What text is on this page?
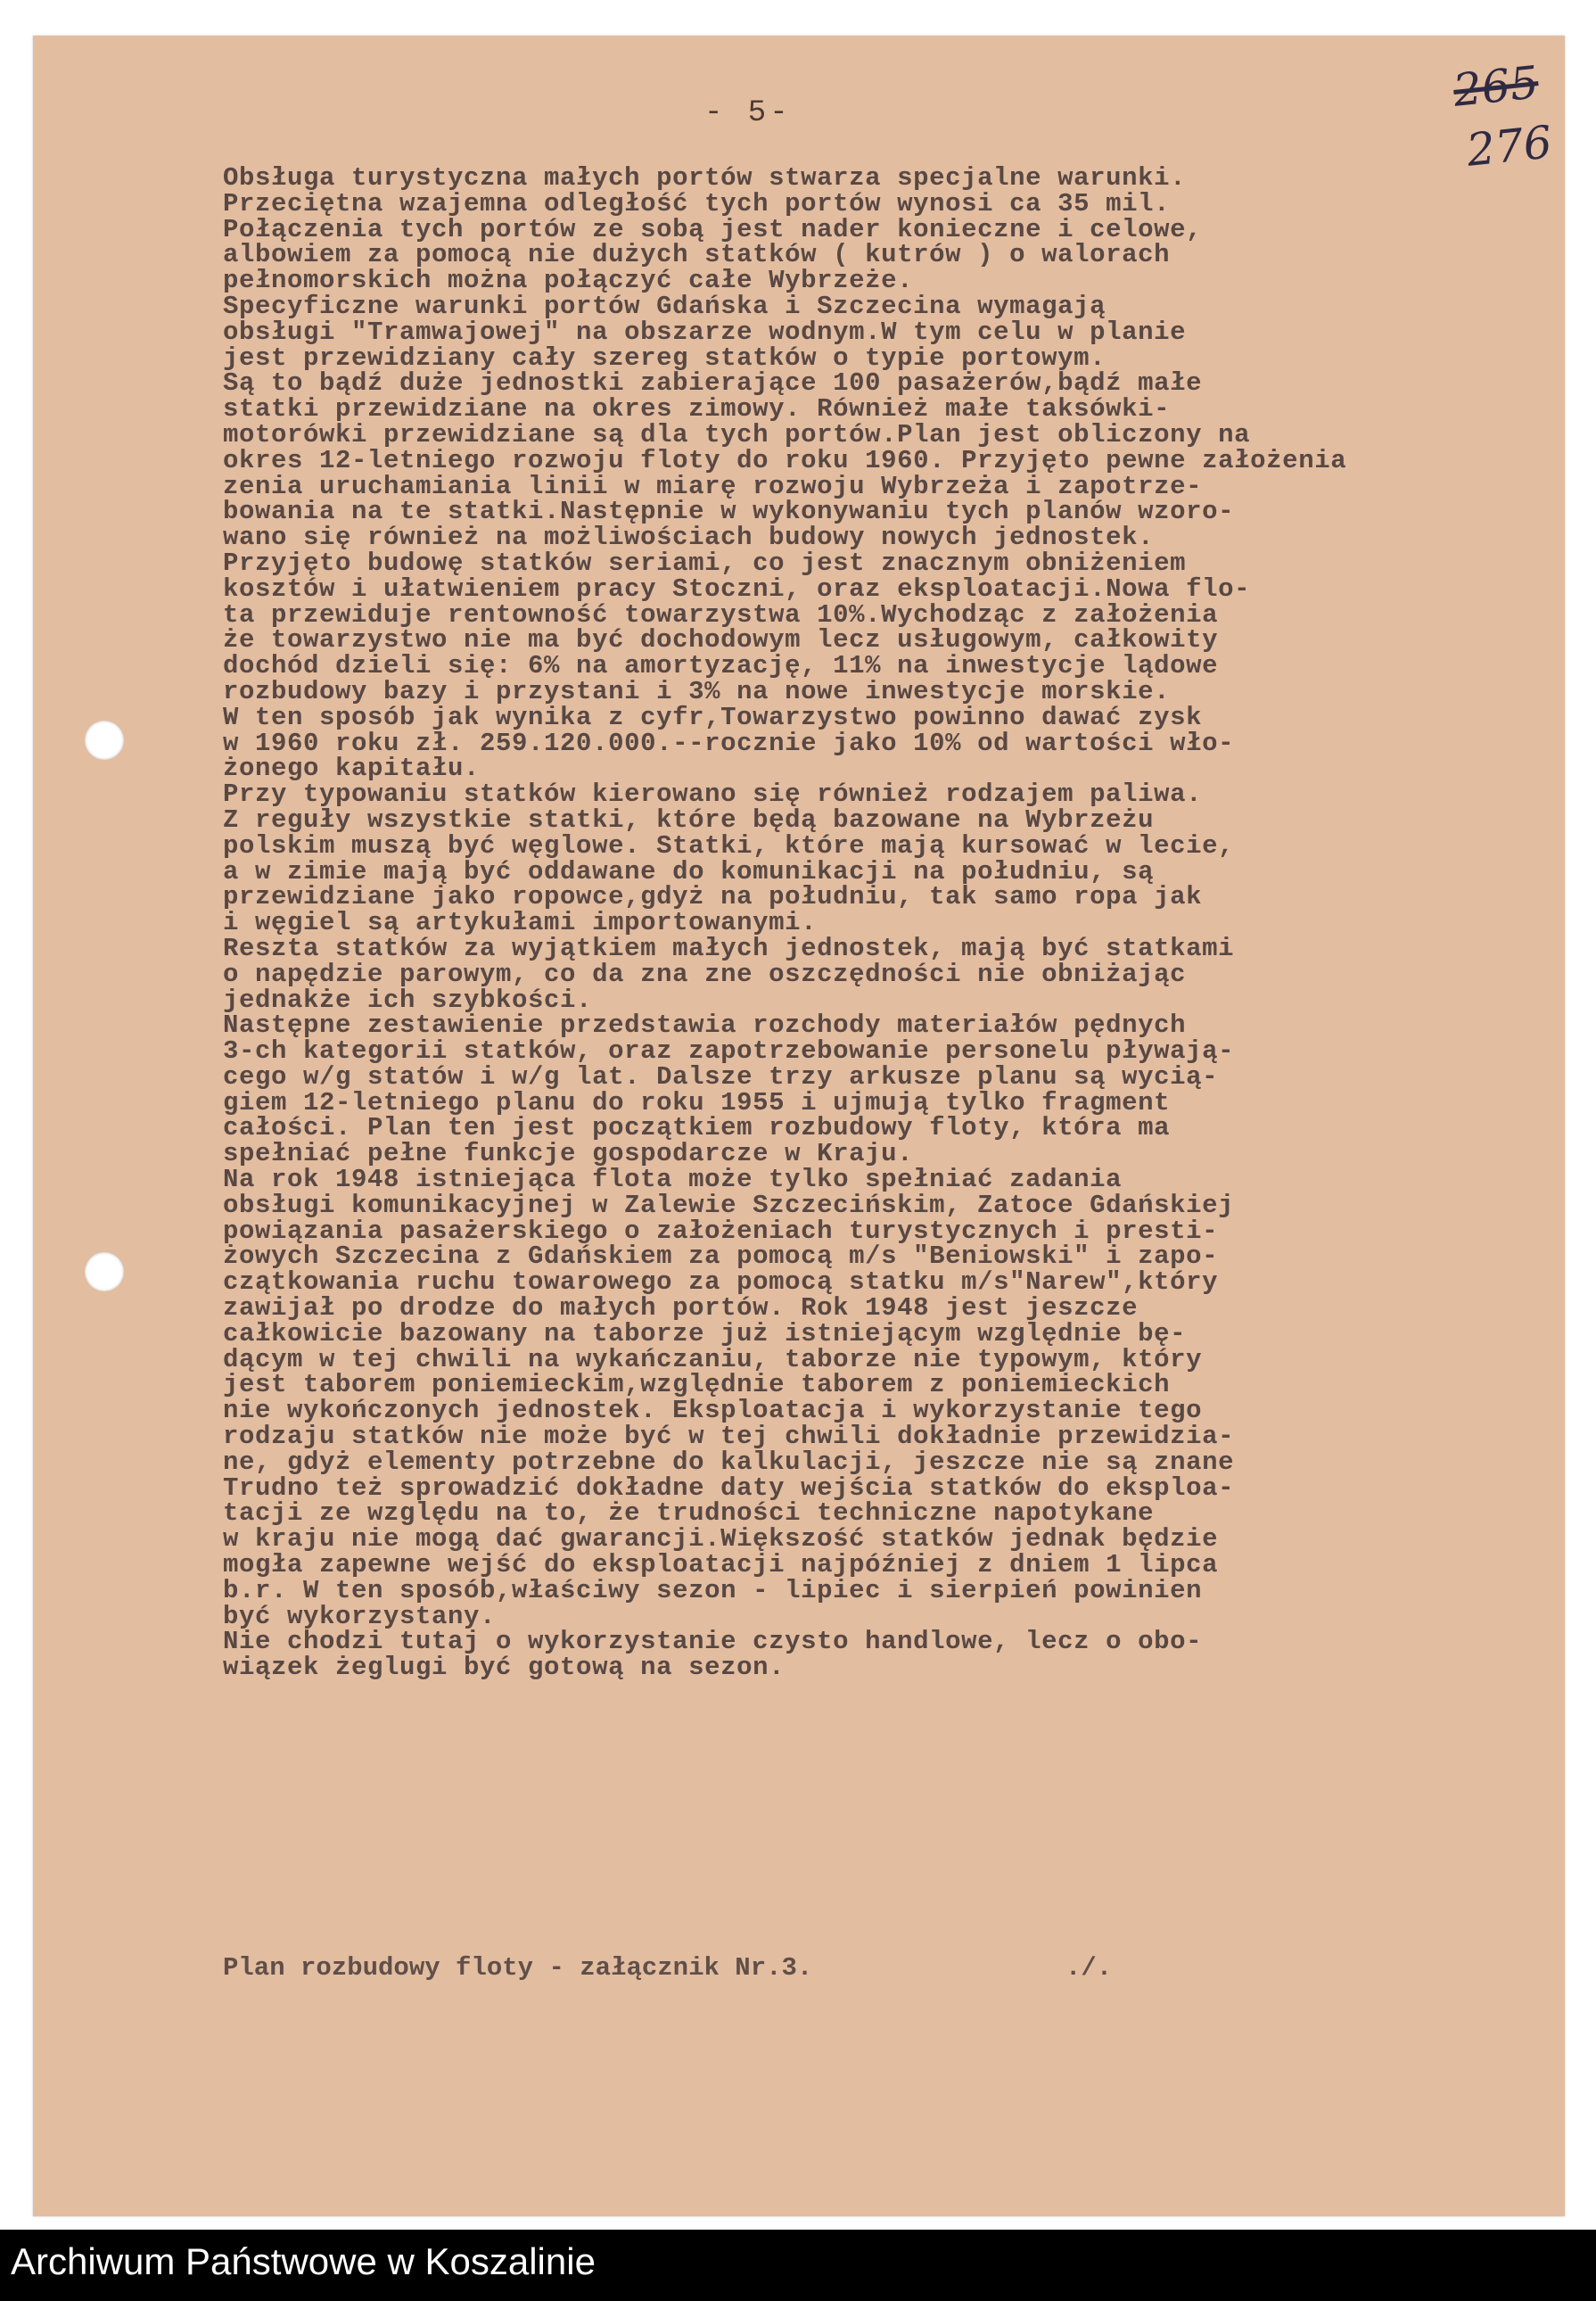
- 5-	265
276
Obsługa turystyczna małych portów stwarza specjalne warunki.
Przeciętna wzajemna odległość tych portów wynosi ca 35 mil.
Połączenia tych portów ze sobą jest nader konieczne i celowe,
albowiem za pomocą nie dużych statków ( kutrów ) o walorach
pełnomorskich można połączyć całe Wybrzeże.
Specyficzne warunki portów Gdańska i Szczecina wymagają
obsługi "Tramwajowej" na obszarze wodnym.W tym celu w planie
jest przewidziany cały szereg statków o typie portowym.
Są to bądź duże jednostki zabierające 100 pasażerów,bądź małe
statki przewidziane na okres zimowy. Również małe taksówki-
motorówki przewidziane są dla tych portów.Plan jest obliczony na
okres 12-letniego rozwoju floty do roku 1960. Przyjęto pewne założenia
zenia uruchamiania linii w miarę rozwoju Wybrzeża i zapotrze-
bowania na te statki.Następnie w wykonywaniu tych planów wzoro-
wano się również na możliwościach budowy nowych jednostek.
Przyjęto budowę statków seriami, co jest znacznym obniżeniem
kosztów i ułatwieniem pracy Stoczni, oraz eksploatacji.Nowa flo-
ta przewiduje rentowność towarzystwa 10%.Wychodząc z założenia
że towarzystwo nie ma być dochodowym lecz usługowym, całkowity
dochód dzieli się: 6% na amortyzację, 11% na inwestycje lądowe
rozbudowy bazy i przystani i 3% na nowe inwestycje morskie.
W ten sposób jak wynika z cyfr,Towarzystwo powinno dawać zysk
w 1960 roku zł. 259.120.000.--rocznie jako 10% od wartości wło-
żonego kapitału.
Przy typowaniu statków kierowano się również rodzajem paliwa.
Z reguły wszystkie statki, które będą bazowane na Wybrzeżu
polskim muszą być węglowe. Statki, które mają kursować w lecie,
a w zimie mają być oddawane do komunikacji na południu, są
przewidziane jako ropowce,gdyż na południu, tak samo ropa jak
i węgiel są artykułami importowanymi.
Reszta statków za wyjątkiem małych jednostek, mają być statkami
o napędzie parowym, co da zna zne oszczędności nie obniżając
jednakże ich szybkości.
Następne zestawienie przedstawia rozchody materiałów pędnych
3-ch kategorii statków, oraz zapotrzebowanie personelu pływają-
cego w/g statów i w/g lat. Dalsze trzy arkusze planu są wycią-
giem 12-letniego planu do roku 1955 i ujmują tylko fragment
całości. Plan ten jest początkiem rozbudowy floty, która ma
spełniać pełne funkcje gospodarcze w Kraju.
Na rok 1948 istniejąca flota może tylko spełniać zadania
obsługi komunikacyjnej w Zalewie Szczecińskim, Zatoce Gdańskiej
powiązania pasażerskiego o założeniach turystycznych i presti-
żowych Szczecina z Gdańskiem za pomocą m/s "Beniowski" i zapo-
czątkowania ruchu towarowego za pomocą statku m/s"Narew",który
zawijał po drodze do małych portów. Rok 1948 jest jeszcze
całkowicie bazowany na taborze już istniejącym względnie bę-
dącym w tej chwili na wykańczaniu, taborze nie typowym, który
jest taborem poniemieckim,względnie taborem z poniemieckich
nie wykończonych jednostek. Eksploatacja i wykorzystanie tego
rodzaju statków nie może być w tej chwili dokładnie przewidzia-
ne, gdyż elementy potrzebne do kalkulacji, jeszcze nie są znane
Trudno też sprowadzić dokładne daty wejścia statków do eksploa-
tacji ze względu na to, że trudności techniczne napotykane
w kraju nie mogą dać gwarancji.Większość statków jednak będzie
mogła zapewne wejść do eksploatacji najpóźniej z dniem 1 lipca
b.r. W ten sposób,właściwy sezon - lipiec i sierpień powinien
być wykorzystany.
Nie chodzi tutaj o wykorzystanie czysto handlowe, lecz o obo-
wiązek żeglugi być gotową na sezon.
Plan rozbudowy floty - załącznik Nr.3.	./.
Archiwum Państwowe w Koszalinie
